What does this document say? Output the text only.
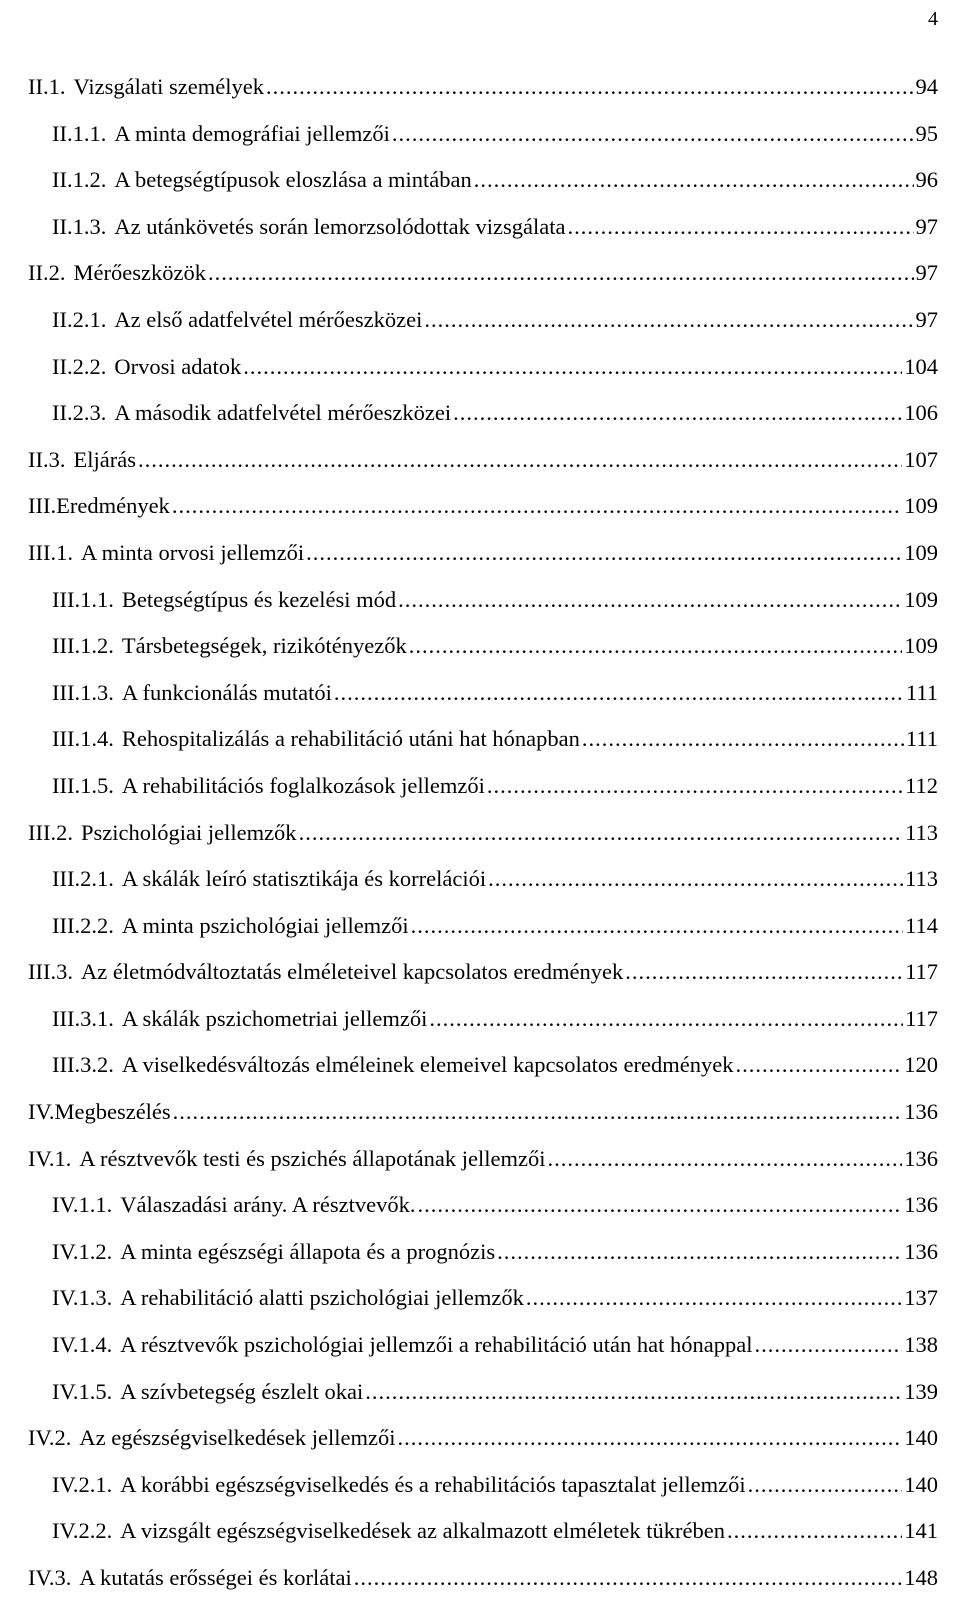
4
II.1. Vizsgálati személyek .....	94
II.1.1. A minta demográfiai jellemzői .....	95
II.1.2. A betegségtípusok eloszlása a mintában .....	96
II.1.3. Az utánkövetés során lemorzsolódottak vizsgálata .....	97
II.2. Mérőeszközök .....	97
II.2.1. Az első adatfelvétel mérőeszközei .....	97
II.2.2. Orvosi adatok .....	104
II.2.3. A második adatfelvétel mérőeszközei .....	106
II.3. Eljárás .....	107
III. Eredmények .....	109
III.1. A minta orvosi jellemzői .....	109
III.1.1. Betegségtípus és kezelési mód .....	109
III.1.2. Társbetegségek, rizikótényezők .....	109
III.1.3. A funkcionálás mutatói .....	111
III.1.4. Rehospitalizálás a rehabilitáció utáni hat hónapban .....	111
III.1.5. A rehabilitációs foglalkozások jellemzői .....	112
III.2. Pszichológiai jellemzők .....	113
III.2.1. A skálák leíró statisztikája és korrelációi .....	113
III.2.2. A minta pszichológiai jellemzői .....	114
III.3. Az életmódváltoztatás elméleteivel kapcsolatos eredmények .....	117
III.3.1. A skálák pszichometriai jellemzői .....	117
III.3.2. A viselkedésváltozás elméleinek elemeivel kapcsolatos eredmények .....	120
IV. Megbeszélés .....	136
IV.1. A résztvevők testi és pszichés állapotának jellemzői .....	136
IV.1.1. Válaszadási arány. A résztvevők. .....	136
IV.1.2. A minta egészségi állapota és a prognózis .....	136
IV.1.3. A rehabilitáció alatti pszichológiai jellemzők .....	137
IV.1.4. A résztvevők pszichológiai jellemzői a rehabilitáció után hat hónappal .....	138
IV.1.5. A szívbetegség észlelt okai .....	139
IV.2. Az egészségviselkedések jellemzői .....	140
IV.2.1. A korábbi egészségviselkedés és a rehabilitációs tapasztalat jellemzői .....	140
IV.2.2. A vizsgált egészségviselkedések az alkalmazott elméletek tükrében .....	141
IV.3. A kutatás erősségei és korlátai .....	148
